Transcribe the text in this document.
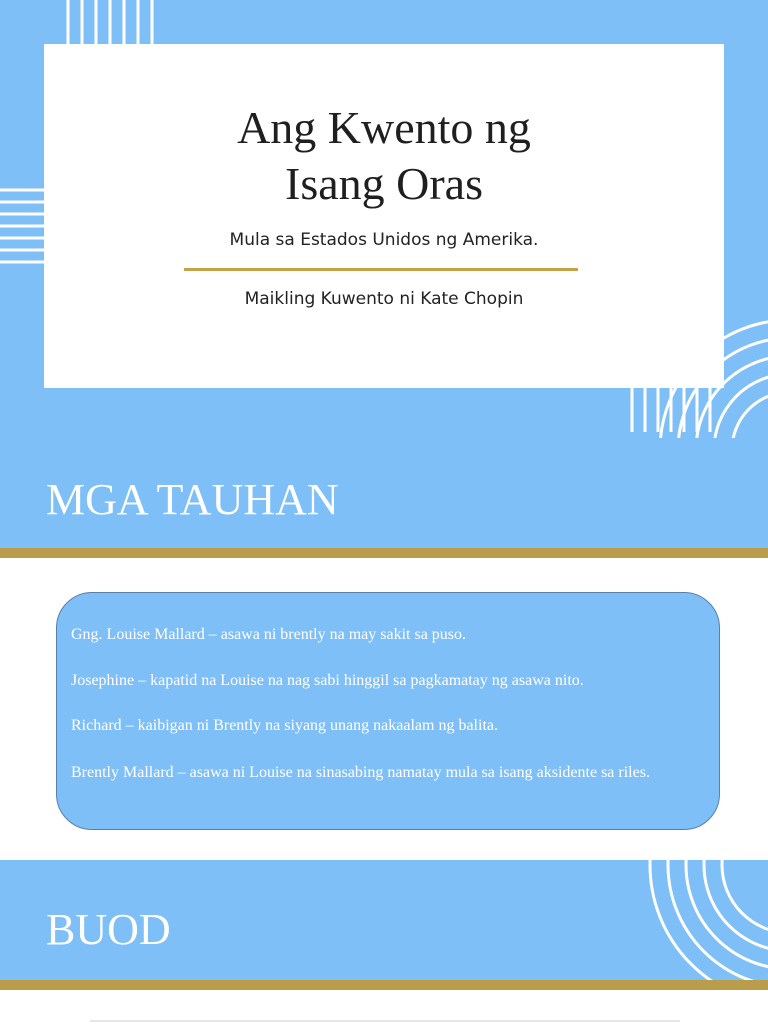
Ang Kwento ng
Isang Oras
Mula sa Estados Unidos ng Amerika.
Maikling Kuwento ni Kate Chopin
MGA TAUHAN
Gng. Louise Mallard – asawa ni brently na may sakit sa puso.
Josephine – kapatid na Louise na nag sabi hinggil sa pagkamatay ng asawa nito.
Richard – kaibigan ni Brently na siyang unang nakaalam ng balita.
Brently Mallard – asawa ni Louise na sinasabing namatay mula sa isang aksidente sa riles.
BUOD
